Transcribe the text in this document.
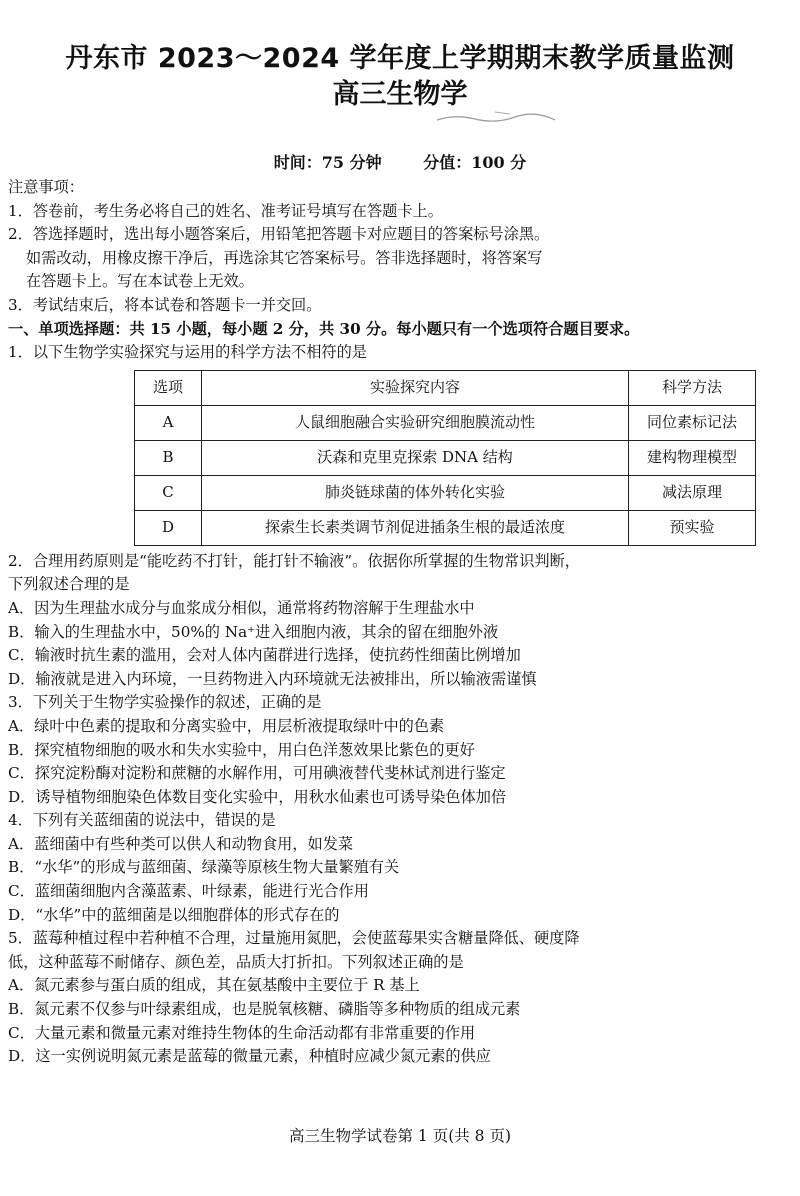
丹东市 2023～2024 学年度上学期期末教学质量监测
高三生物学
时间：75 分钟	分值：100 分
注意事项：
1．答卷前，考生务必将自己的姓名、准考证号填写在答题卡上。
2．答选择题时，选出每小题答案后，用铅笔把答题卡对应题目的答案标号涂黑。
如需改动，用橡皮擦干净后，再选涂其它答案标号。答非选择题时，将答案写
在答题卡上。写在本试卷上无效。
3．考试结束后，将本试卷和答题卡一并交回。
一、单项选择题：共 15 小题，每小题 2 分，共 30 分。每小题只有一个选项符合题目要求。
1．以下生物学实验探究与运用的科学方法不相符的是
选项	实验探究内容	科学方法
A	人鼠细胞融合实验研究细胞膜流动性	同位素标记法
B	沃森和克里克探索 DNA 结构	建构物理模型
C	肺炎链球菌的体外转化实验	减法原理
D	探索生长素类调节剂促进插条生根的最适浓度	预实验
2．合理用药原则是“能吃药不打针，能打针不输液”。依据你所掌握的生物常识判断，
下列叙述合理的是
A．因为生理盐水成分与血浆成分相似，通常将药物溶解于生理盐水中
B．输入的生理盐水中，50%的 Na⁺进入细胞内液，其余的留在细胞外液
C．输液时抗生素的滥用，会对人体内菌群进行选择，使抗药性细菌比例增加
D．输液就是进入内环境，一旦药物进入内环境就无法被排出，所以输液需谨慎
3．下列关于生物学实验操作的叙述，正确的是
A．绿叶中色素的提取和分离实验中，用层析液提取绿叶中的色素
B．探究植物细胞的吸水和失水实验中，用白色洋葱效果比紫色的更好
C．探究淀粉酶对淀粉和蔗糖的水解作用，可用碘液替代斐林试剂进行鉴定
D．诱导植物细胞染色体数目变化实验中，用秋水仙素也可诱导染色体加倍
4．下列有关蓝细菌的说法中，错误的是
A．蓝细菌中有些种类可以供人和动物食用，如发菜
B．“水华”的形成与蓝细菌、绿藻等原核生物大量繁殖有关
C．蓝细菌细胞内含藻蓝素、叶绿素，能进行光合作用
D．“水华”中的蓝细菌是以细胞群体的形式存在的
5．蓝莓种植过程中若种植不合理，过量施用氮肥，会使蓝莓果实含糖量降低、硬度降
低，这种蓝莓不耐储存、颜色差，品质大打折扣。下列叙述正确的是
A．氮元素参与蛋白质的组成，其在氨基酸中主要位于 R 基上
B．氮元素不仅参与叶绿素组成，也是脱氧核糖、磷脂等多种物质的组成元素
C．大量元素和微量元素对维持生物体的生命活动都有非常重要的作用
D．这一实例说明氮元素是蓝莓的微量元素，种植时应减少氮元素的供应
高三生物学试卷第 1 页(共 8 页)
